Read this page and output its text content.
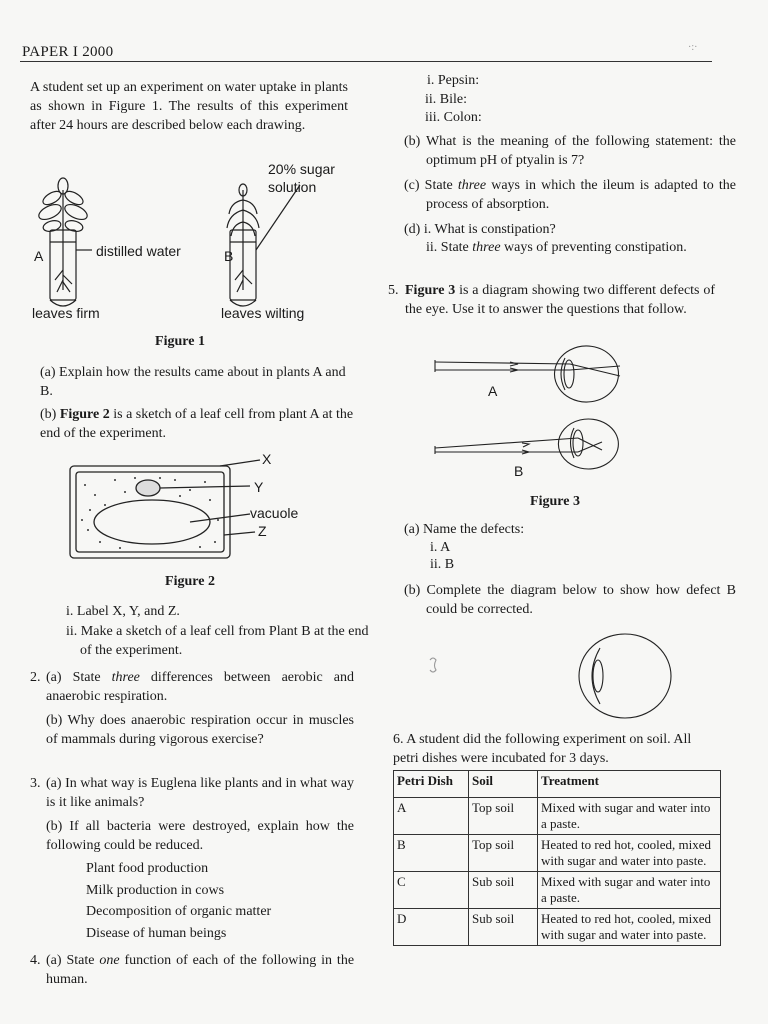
PAPER I 2000	·:·
A student set up an experiment on water uptake in plants as shown in Figure 1. The results of this experiment after 24 hours are described below each drawing.
20% sugar
solution
A	distilled water	B
leaves firm	leaves wilting
Figure 1
(a) Explain how the results came about in plants A and B.
(b) Figure 2 is a sketch of a leaf cell from plant A at the end of the experiment.
X
Y
vacuole
Z
Figure 2
i. Label X, Y, and Z.
ii. Make a sketch of a leaf cell from Plant B at the end of the experiment.
2. (a) State three differences between aerobic and anaerobic respiration.
(b) Why does anaerobic respiration occur in muscles of mammals during vigorous exercise?
3. (a) In what way is Euglena like plants and in what way is it like animals?
(b) If all bacteria were destroyed, explain how the following could be reduced.
Plant food production
Milk production in cows
Decomposition of organic matter
Disease of human beings
4. (a) State one function of each of the following in the human.
i. Pepsin:
ii. Bile:
iii. Colon:
(b) What is the meaning of the following statement: the optimum pH of ptyalin is 7?
(c) State three ways in which the ileum is adapted to the process of absorption.
(d) i. What is constipation?
ii. State three ways of preventing constipation.
5. Figure 3 is a diagram showing two different defects of the eye. Use it to answer the questions that follow.
A
B
Figure 3
(a) Name the defects:
i. A
ii. B
(b) Complete the diagram below to show how defect B could be corrected.
6. A student did the following experiment on soil. All petri dishes were incubated for 3 days.
Petri Dish	Soil	Treatment
A	Top soil	Mixed with sugar and water into a paste.
B	Top soil	Heated to red hot, cooled, mixed with sugar and water into paste.
C	Sub soil	Mixed with sugar and water into a paste.
D	Sub soil	Heated to red hot, cooled, mixed with sugar and water into paste.
